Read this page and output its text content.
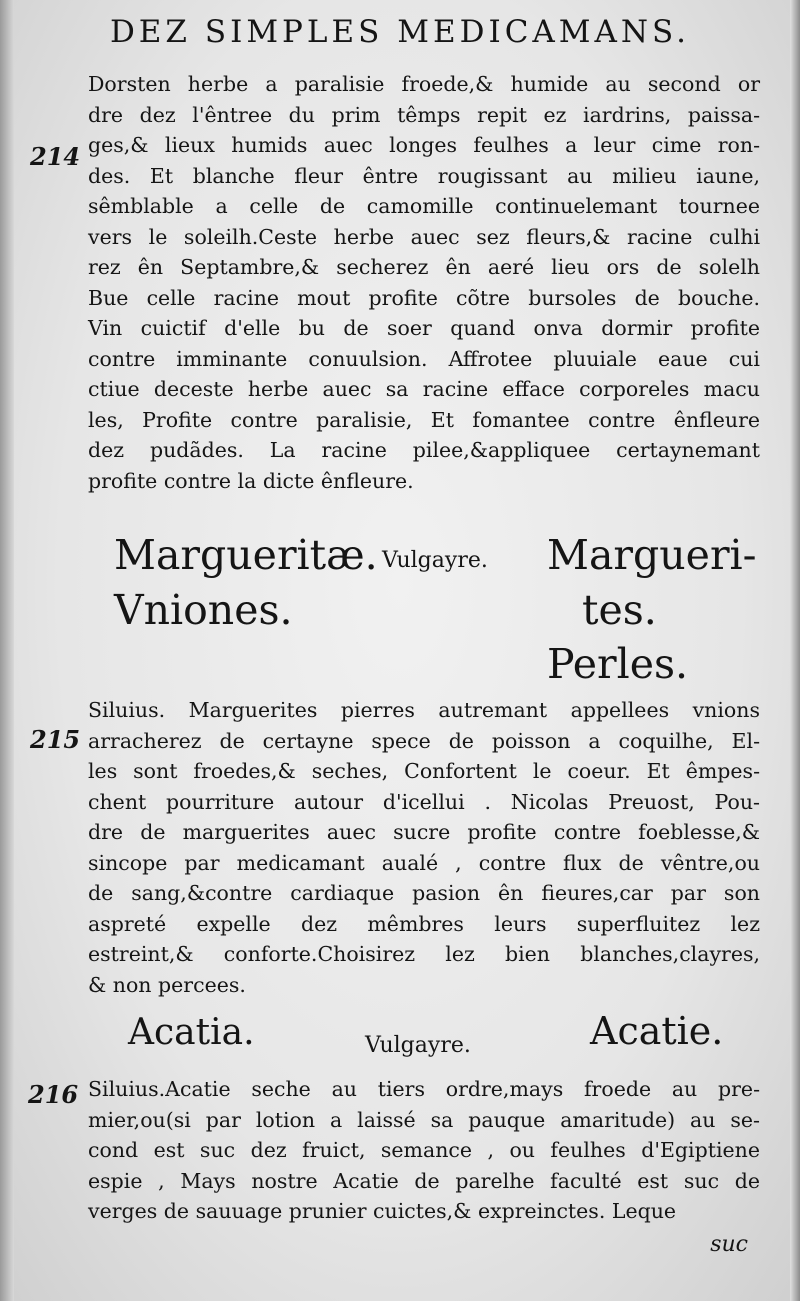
DEZ SIMPLES MEDICAMANS.
214
Dorsten herbe a paralisie froede,& humide au second or
dre dez l'êntree du prim têmps repit ez iardrins, paissa-
ges,& lieux humids auec longes feulhes a leur cime ron-
des. Et blanche fleur êntre rougissant au milieu iaune,
sêmblable a celle de camomille continuelemant tournee
vers le soleilh.Ceste herbe auec sez fleurs,& racine culhi
rez ên Septambre,& secherez ên aeré lieu ors de solelh
Bue celle racine mout profite cõtre bursoles de bouche.
Vin cuictif d'elle bu de soer quand onva dormir profite
contre imminante conuulsion. Affrotee pluuiale eaue cui
ctiue deceste herbe auec sa racine efface corporeles macu
les, Profite contre paralisie, Et fomantee contre ênfleure
dez pudãdes. La racine pilee,&appliquee certaynemant
profite contre la dicte ênfleure.
Margueritæ.
Vniones.
Vulgayre. Margueri-
tes.
Perles.
215
Siluius. Marguerites pierres autremant appellees vnions
arracherez de certayne spece de poisson a coquilhe, El-
les sont froedes,& seches, Confortent le coeur. Et êmpes-
chent pourriture autour d'icellui . Nicolas Preuost, Pou-
dre de marguerites auec sucre profite contre foeblesse,&
sincope par medicamant aualé , contre flux de vêntre,ou
de sang,&contre cardiaque pasion ên fieures,car par son
aspreté expelle dez mêmbres leurs superfluitez lez
estreint,& conforte.Choisirez lez bien blanches,clayres,
& non percees.
Acatia.	Vulgayre.	Acatie.
216 Siluius.Acatie seche au tiers ordre,mays froede au pre-
mier,ou(si par lotion a laissé sa pauque amaritude) au se-
cond est suc dez fruict, semance , ou feulhes d'Egiptiene
espie , Mays nostre Acatie de parelhe faculté est suc de
verges de sauuage prunier cuictes,& expreinctes. Leque
suc
